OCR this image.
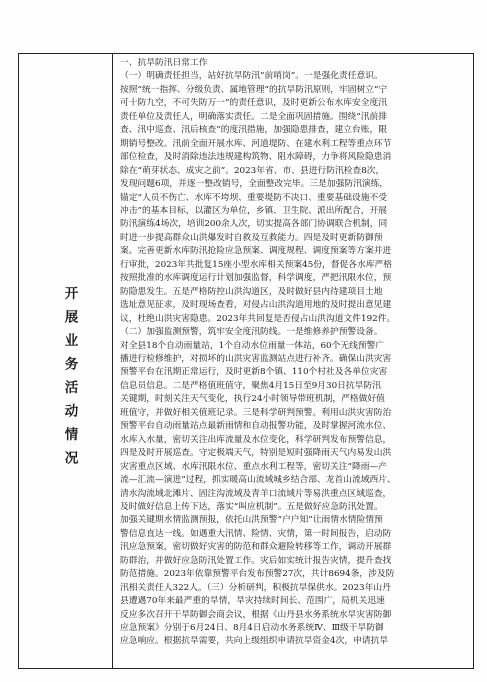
开展业务活动情况
一、抗旱防汛日常工作
（一）明确责任担当，站好抗旱防汛“前哨岗”。一是强化责任意识。
按照“统一指挥、分级负责、属地管理”的抗旱防汛原则，牢固树立“宁
可十防九空，不可失防万一”的责任意识，及时更新公布水库安全度汛
责任单位及责任人，明确落实责任。二是全面巩固措施。围绕“汛前排
查、汛中巡查、汛后核查”的度汛措施，加强隐患排查，建立台账，限
期销号整改。汛前全面开展水库、河道堤防、在建水利工程等重点环节
部位检查，及时消除违法违规建构筑物、阻水障碍，力争将风险隐患消
除在“萌芽状态、成灾之前”。2023年省、市、县进行防汛检查8次，
发现问题6项，并逐一整改销号，全面整改完毕。三是加强防汛演练，
锚定“人员不伤亡、水库不垮坝、重要堤防不决口、重要基础设施不受
冲击”的基本目标，以灌区为单位，乡镇、卫生院、派出所配合，开展
防汛演练4场次，培训200余人次，切实提高各部门协调联合机制，同
时进一步提高群众山洪爆发时自救及互救能力。四是及时更新防御预
案。完善更新水库防汛抢险应急预案、调度规程、调度预案等方案并进
行审批，2023年共批复15座小型水库相关预案45份，督促各水库严格
按照批准的水库调度运行计划加强监督，科学调度，严把汛限水位，预
防隐患发生。五是严格防控山洪沟道区，及时做好县内待建项目土地
选址意见征求，及时现场查看，对侵占山洪沟道用地的及时提出意见建
议，杜绝山洪灾害隐患。2023年共回复是否侵占山洪沟道文件192件。
（二）加强监测预警，筑牢安全度汛防线。一是维修养护预警设备。
对全县18个自动雨量站，1个自动水位雨量一体站，60个无线预警广
播进行检修维护，对损坏的山洪灾害监测站点进行补齐。确保山洪灾害
预警平台在汛期正常运行，及时更新8个镇、110个村社及各单位灾害
信息员信息。二是严格值班值守，聚焦4月15日至9月30日抗旱防汛
关键期，时刻关注天气变化，执行24小时领导带班机制，严格做好值
班值守，并做好相关值班记录。三是科学研判预警。利用山洪灾害防治
预警平台自动雨量站点最新雨情和自动报警功能，及时掌握河流水位、
水库入水量，密切关注出库流量及水位变化，科学研判发布预警信息，
四是及时开展巡查。守定极端天气，特别是短时强降雨天气内易发山洪
灾害重点区域、水库汛限水位、重点水利工程等，密切关注“降雨—产
流—汇流—演进”过程，抓实暖高山流域城乡结合部、龙首山流域西片、
清水沟流域北滩片、固注沟流域及青羊口流域片等易洪重点区域巡查，
及时做好信息上传下达，落实“叫应机制”。五是做好应急防汛处置。
加强关键期水情监测预报，依托山洪预警“户户知”让雨情水情险情预
警信息直达一线。如遇重大汛情、险情、灾情，第一时间报告，启动防
汛应急预案，密切做好灾害的防范和群众避险转移等工作，调动开展群
防群治，并做好应急防汛处置工作。灾后如实统计报告灾情，提升查找
防范措施。2023年依靠预警平台发布预警27次，共计8694条，涉及防
汛相关责任人322人。（三）分析研判，积极抗旱保供水。2023年山丹
县遭遇70年来最严重的旱情，旱灾持续时间长、范围广，局机关迅速
反应多次召开干旱防御会商会议，根据《山丹县水务系统水旱灾害防御
应急预案》分别于6月24日、8月4日启动水务系统Ⅳ、Ⅲ级干旱防御
应急响应。根据抗旱需要，共向上级组织申请抗旱资金4次，申请抗旱
